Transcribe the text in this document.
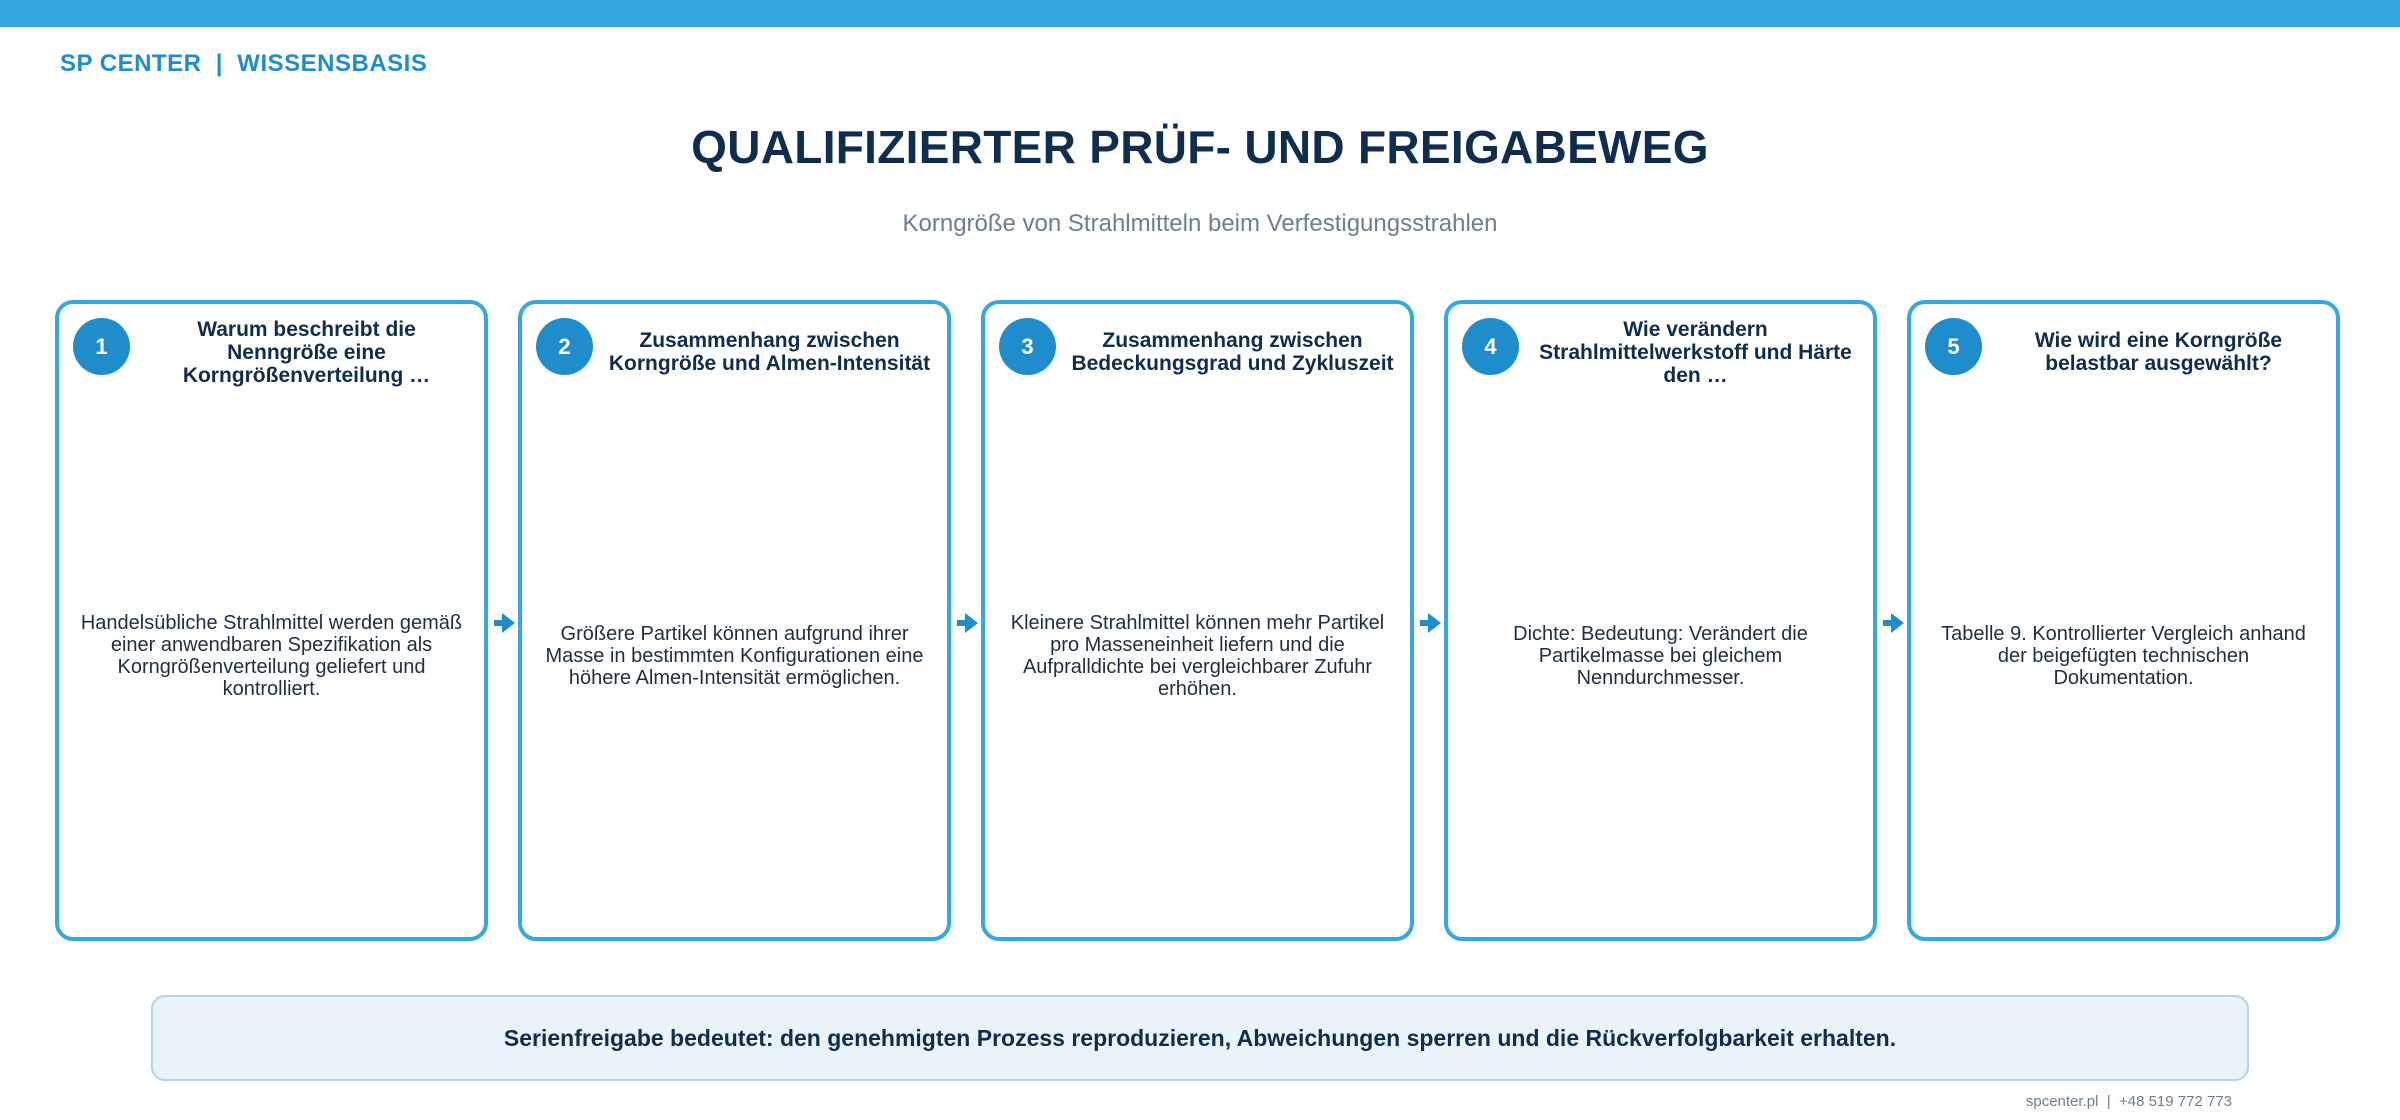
SP CENTER  |  WISSENSBASIS
QUALIFIZIERTER PRÜF- UND FREIGABEWEG
Korngröße von Strahlmitteln beim Verfestigungsstrahlen
1
Warum beschreibt die Nenngröße eine Korngrößenverteilung …
Handelsübliche Strahlmittel werden gemäß einer anwendbaren Spezifikation als Korngrößenverteilung geliefert und kontrolliert.
2	Zusammenhang zwischen Korngröße und Almen-Intensität
Größere Partikel können aufgrund ihrer Masse in bestimmten Konfigurationen eine höhere Almen-Intensität ermöglichen.
3	Zusammenhang zwischen Bedeckungsgrad und Zykluszeit
Kleinere Strahlmittel können mehr Partikel pro Masseneinheit liefern und die Aufpralldichte bei vergleichbarer Zufuhr erhöhen.
4
Wie verändern Strahlmittelwerkstoff und Härte den …
Dichte: Bedeutung: Verändert die Partikelmasse bei gleichem Nenndurchmesser.
5	Wie wird eine Korngröße belastbar ausgewählt?
Tabelle 9. Kontrollierter Vergleich anhand der beigefügten technischen Dokumentation.
Serienfreigabe bedeutet: den genehmigten Prozess reproduzieren, Abweichungen sperren und die Rückverfolgbarkeit erhalten.
spcenter.pl  |  +48 519 772 773
